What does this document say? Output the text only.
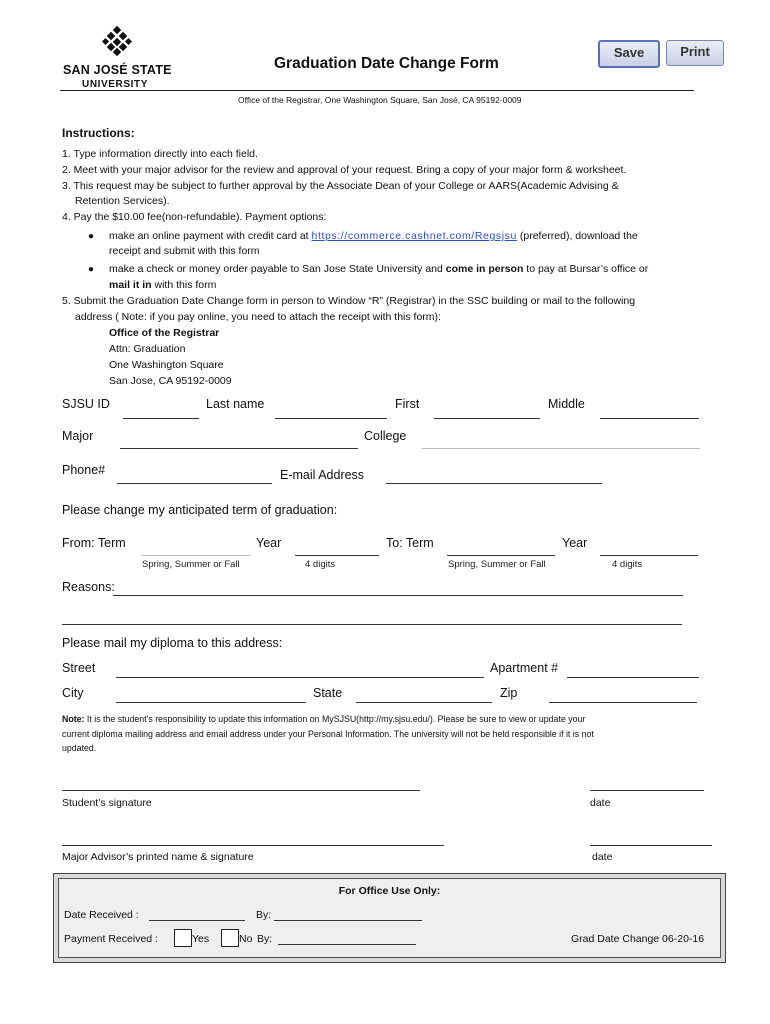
SAN JOSÉ STATE
UNIVERSITY
Graduation Date Change Form
Office of the Registrar, One Washington Square, San José, CA 95192-0009
Save	Print
Instructions:
1. Type information directly into each field.
2. Meet with your major advisor for the review and approval of your request. Bring a copy of your major form & worksheet.
3. This request may be subject to further approval by the Associate Dean of your College or AARS(Academic Advising &
Retention Services).
4. Pay the $10.00 fee(non-refundable). Payment options:
● make an online payment with credit card at https://commerce.cashnet.com/Regsjsu (preferred), download the
receipt and submit with this form
● make a check or money order payable to San Jose State University and come in person to pay at Bursar’s office or
mail it in with this form
5. Submit the Graduation Date Change form in person to Window “R” (Registrar) in the SSC building or mail to the following
address ( Note: if you pay online, you need to attach the receipt with this form):
Office of the Registrar
Attn: Graduation
One Washington Square
San Jose, CA 95192-0009
SJSU ID	Last name	First	Middle
Major	College
Phone#	E-mail Address
Please change my anticipated term of graduation:
From: Term	Year	To: Term	Year
Spring, Summer or Fall	4 digits	Spring, Summer or Fall	4 digits
Reasons:
Please mail my diploma to this address:
Street	Apartment #
City	State	Zip
Note: It is the student’s responsibility to update this information on MySJSU(http://my.sjsu.edu/). Please be sure to view or update your
current diploma mailing address and email address under your Personal Information. The university will not be held responsible if it is not
updated.
Student’s signature	date
Major Advisor’s printed name & signature	date
For Office Use Only:
Date Received :	By:
Payment Received :	Yes	No By:	Grad Date Change 06-20-16
